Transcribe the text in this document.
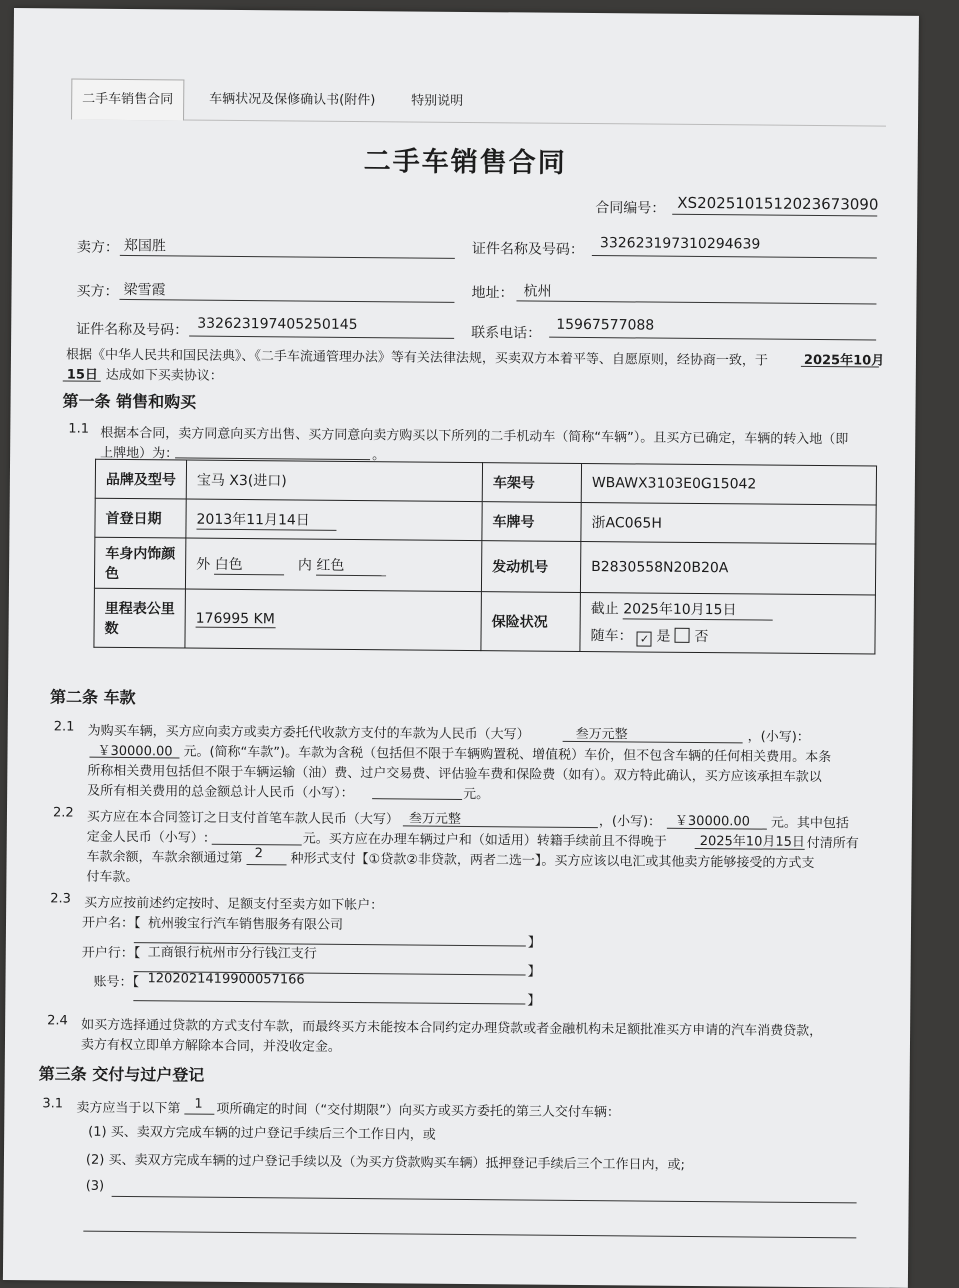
二手车销售合同	车辆状况及保修确认书(附件)	特别说明
二手车销售合同
合同编号： XS2025101512023673090
卖方： 郑国胜	证件名称及号码： 332623197310294639
买方： 梁雪霞	地址： 杭州
证件名称及号码： 332623197405250145
联系电话： 15967577088
根据《中华人民共和国民法典》、《二手车流通管理办法》等有关法律法规，买卖双方本着平等、自愿原则，经协商一致，于	2025年10月
15日 达成如下买卖协议：
第一条 销售和购买
1.1 根据本合同，卖方同意向买方出售、买方同意向卖方购买以下所列的二手机动车（简称“车辆”）。且买方已确定，车辆的转入地（即
上牌地）为：	。
品牌及型号	宝马 X3(进口)	车架号	WBAWX3103E0G15042
首登日期	2013年11月14日	车牌号	浙AC065H
车身内饰颜色	外 白色 内 红色	发动机号	B2830558N20B20A
里程表公里数	176995 KM	保险状况	截止 2025年10月15日
随车： ✓ 是 否
第二条 车款
2.1 为购买车辆，买方应向卖方或卖方委托代收款方支付的车款为人民币（大写）	叁万元整	，(小写)：
￥30000.00 元。(简称“车款”)。车款为含税（包括但不限于车辆购置税、增值税）车价，但不包含车辆的任何相关费用。本条
所称相关费用包括但不限于车辆运输（油）费、过户交易费、评估验车费和保险费（如有）。双方特此确认，买方应该承担车款以
及所有相关费用的总金额总计人民币（小写）：	元。
2.2 买方应在本合同签订之日支付首笔车款人民币（大写） 叁万元整	，(小写)： ￥30000.00 元。其中包括
定金人民币（小写）:	元。买方应在办理车辆过户和（如适用）转籍手续前且不得晚于	2025年10月15日 付清所有
车款余额，车款余额通过第 2 种形式支付【①贷款②非贷款，两者二选一】。买方应该以电汇或其他卖方能够接受的方式支
付车款。
2.3 买方应按前述约定按时、足额支付至卖方如下帐户：
开户名：【 杭州骏宝行汽车销售服务有限公司
】
开户行：【 工商银行杭州市分行钱江支行
】
账号：【 1202021419900057166
】
2.4 如买方选择通过贷款的方式支付车款，而最终买方未能按本合同约定办理贷款或者金融机构未足额批准买方申请的汽车消费贷款，
卖方有权立即单方解除本合同，并没收定金。
第三条 交付与过户登记
3.1 卖方应当于以下第 1 项所确定的时间（“交付期限”）向买方或买方委托的第三人交付车辆：
(1) 买、卖双方完成车辆的过户登记手续后三个工作日内，或
(2) 买、卖双方完成车辆的过户登记手续以及（为买方贷款购买车辆）抵押登记手续后三个工作日内，或;
(3)
